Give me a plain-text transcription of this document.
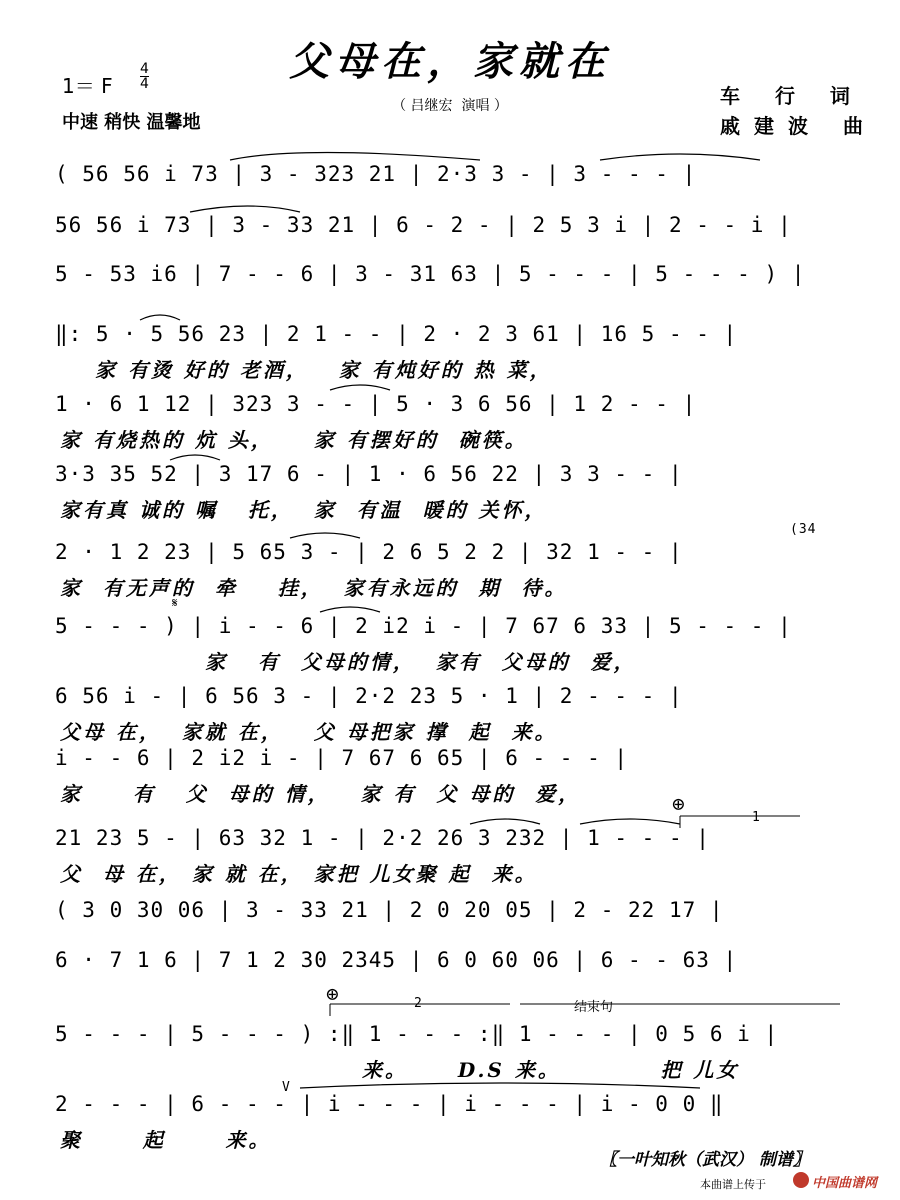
父母在，家就在
（ 吕继宏  演唱 ）
1＝ F $\frac{4}{4}$
中速 稍快 温馨地
车 行 词
戚建波 曲
( 56 56 i 73 | 3 - 323 21 | 2·3 3 - | 3 - - - |
56 56 i 73 | 3 - 33 21 | 6 - 2 - | 2 5 3 i | 2 - - i |
5 - 53 i6 | 7 - - 6 | 3 - 31 63 | 5 - - - | 5 - - - ) |
‖: 5 · 5 56 23 | 2 1 - - | 2 · 2 3 61 | 16 5 - - |
家 有烫 好的 老酒，   家 有炖好的 热 菜，
1 · 6 1 12 | 323 3 - - | 5 · 3 6 56 | 1 2 - - |
家 有烧热的 炕 头，    家 有摆好的  碗筷。
3·3 35 52 | 3 17 6 - | 1 · 6 56 22 | 3 3 - - |
家有真 诚的 嘱   托，  家  有温  暖的 关怀，
(34
2 · 1 2 23 | 5 65 3 - | 2 6 5 2 2 | 32 1 - - |
家  有无声的  牵    挂，  家有永远的  期  待。
𝄋
5 - - - ) | i - - 6 | 2 i2 i - | 7 67 6 33 | 5 - - - |
家   有  父母的情，  家有  父母的  爱，
6 56 i - | 6 56 3 - | 2·2 23 5 · 1 | 2 - - - |
父母 在，  家就 在，   父 母把家 撑  起  来。
i - - 6 | 2 i2 i - | 7 67 6 65 | 6 - - - |
家     有   父  母的 情，   家 有  父 母的  爱，	⊕
1
21 23 5 - | 63 32 1 - | 2·2 26 3 232 | 1 - - - |
父  母 在， 家 就 在， 家把 儿女聚 起  来。
( 3 0 30 06 | 3 - 33 21 | 2 0 20 05 | 2 - 22 17 |
6 · 7 1 6 | 7 1 2 30 2345 | 6 0 60 06 | 6 - - 63 |
⊕	2	结束句
5 - - - | 5 - - - ) :‖ 1 - - - :‖ 1 - - - | 0 5 6 i |
来。     D.S 来。          把 儿女
V
2 - - - | 6 - - - | i - - - | i - - - | i - 0 0 ‖
聚      起      来。
〖一叶知秋（武汉） 制谱〗
本曲谱上传于	中国曲谱网
